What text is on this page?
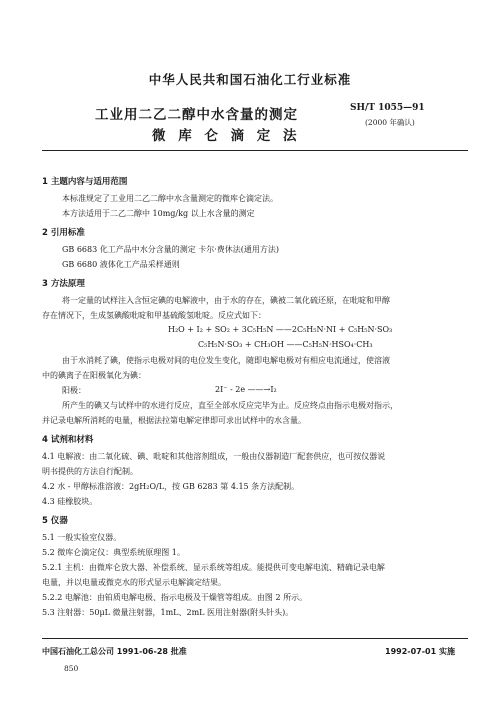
中华人民共和国石油化工行业标准
工业用二乙二醇中水含量的测定
微 库 仑 滴 定 法
SH/T 1055—91
(2000 年确认)
1 主题内容与适用范围
本标准规定了工业用二乙二醇中水含量测定的微库仑滴定法。
本方法适用于二乙二醇中 10mg/kg 以上水含量的测定
2 引用标准
GB 6683 化工产品中水分含量的测定 卡尔·费休法(通用方法)
GB 6680 液体化工产品采样通则
3 方法原理
将一定量的试样注入含恒定碘的电解液中，由于水的存在，碘被二氧化硫还原，在吡啶和甲醇
存在情况下，生成氢碘酸吡啶和甲基硫酸氢吡啶。反应式如下：
H₂O + I₂ + SO₂ + 3C₅H₅N ——2C₅H₅N·NI + C₅H₅N·SO₃
C₅H₅N·SO₃ + CH₃OH ——C₅H₅N·HSO₄·CH₃
由于水消耗了碘，使指示电极对间的电位发生变化，随即电解电极对有相应电流通过，使溶液
中的碘离子在阳极氧化为碘：
阳极：	2I⁻ - 2e ——→I₂
所产生的碘又与试样中的水进行反应，直至全部水反应完毕为止。反应终点由指示电极对指示，
并记录电解所消耗的电量，根据法拉第电解定律即可求出试样中的水含量。
4 试剂和材料
4.1 电解液：由二氧化硫、碘、吡啶和其他溶剂组成，一般由仪器制造厂配套供应，也可按仪器说
明书提供的方法自行配制。
4.2 水 - 甲醇标准溶液：2gH₂O/L，按 GB 6283 第 4.15 条方法配制。
4.3 硅橡胶块。
5 仪器
5.1 一般实验室仪器。
5.2 微库仑滴定仪：典型系统原理图 1。
5.2.1 主机：由微库仑放大器、补偿系统、显示系统等组成。能提供可变电解电流、精确记录电解
电量，并以电量或微克水的形式显示电解滴定结果。
5.2.2 电解池：由铂质电解电极、指示电极及干燥管等组成。由图 2 所示。
5.3 注射器：50μL 微量注射器，1mL、2mL 医用注射器(附头针头)。
中国石油化工总公司 1991-06-28 批准	1992-07-01 实施
850
